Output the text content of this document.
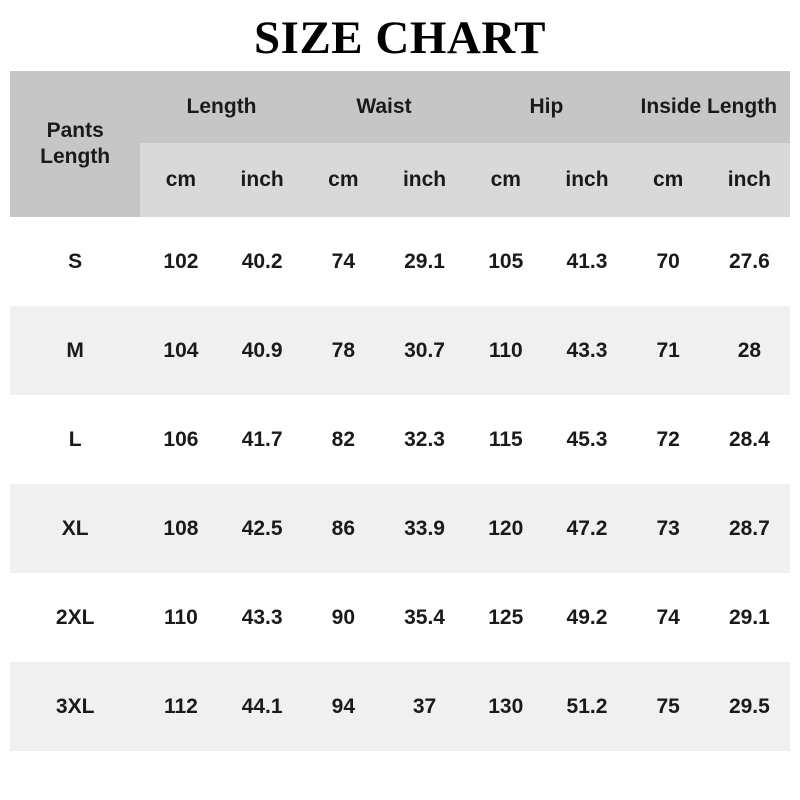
SIZE CHART
Pants Length	Length		Waist		Hip		Inside Length	
	cm	inch	cm	inch	cm	inch	cm	inch
S	102	40.2	74	29.1	105	41.3	70	27.6
M	104	40.9	78	30.7	110	43.3	71	28
L	106	41.7	82	32.3	115	45.3	72	28.4
XL	108	42.5	86	33.9	120	47.2	73	28.7
2XL	110	43.3	90	35.4	125	49.2	74	29.1
3XL	112	44.1	94	37	130	51.2	75	29.5
